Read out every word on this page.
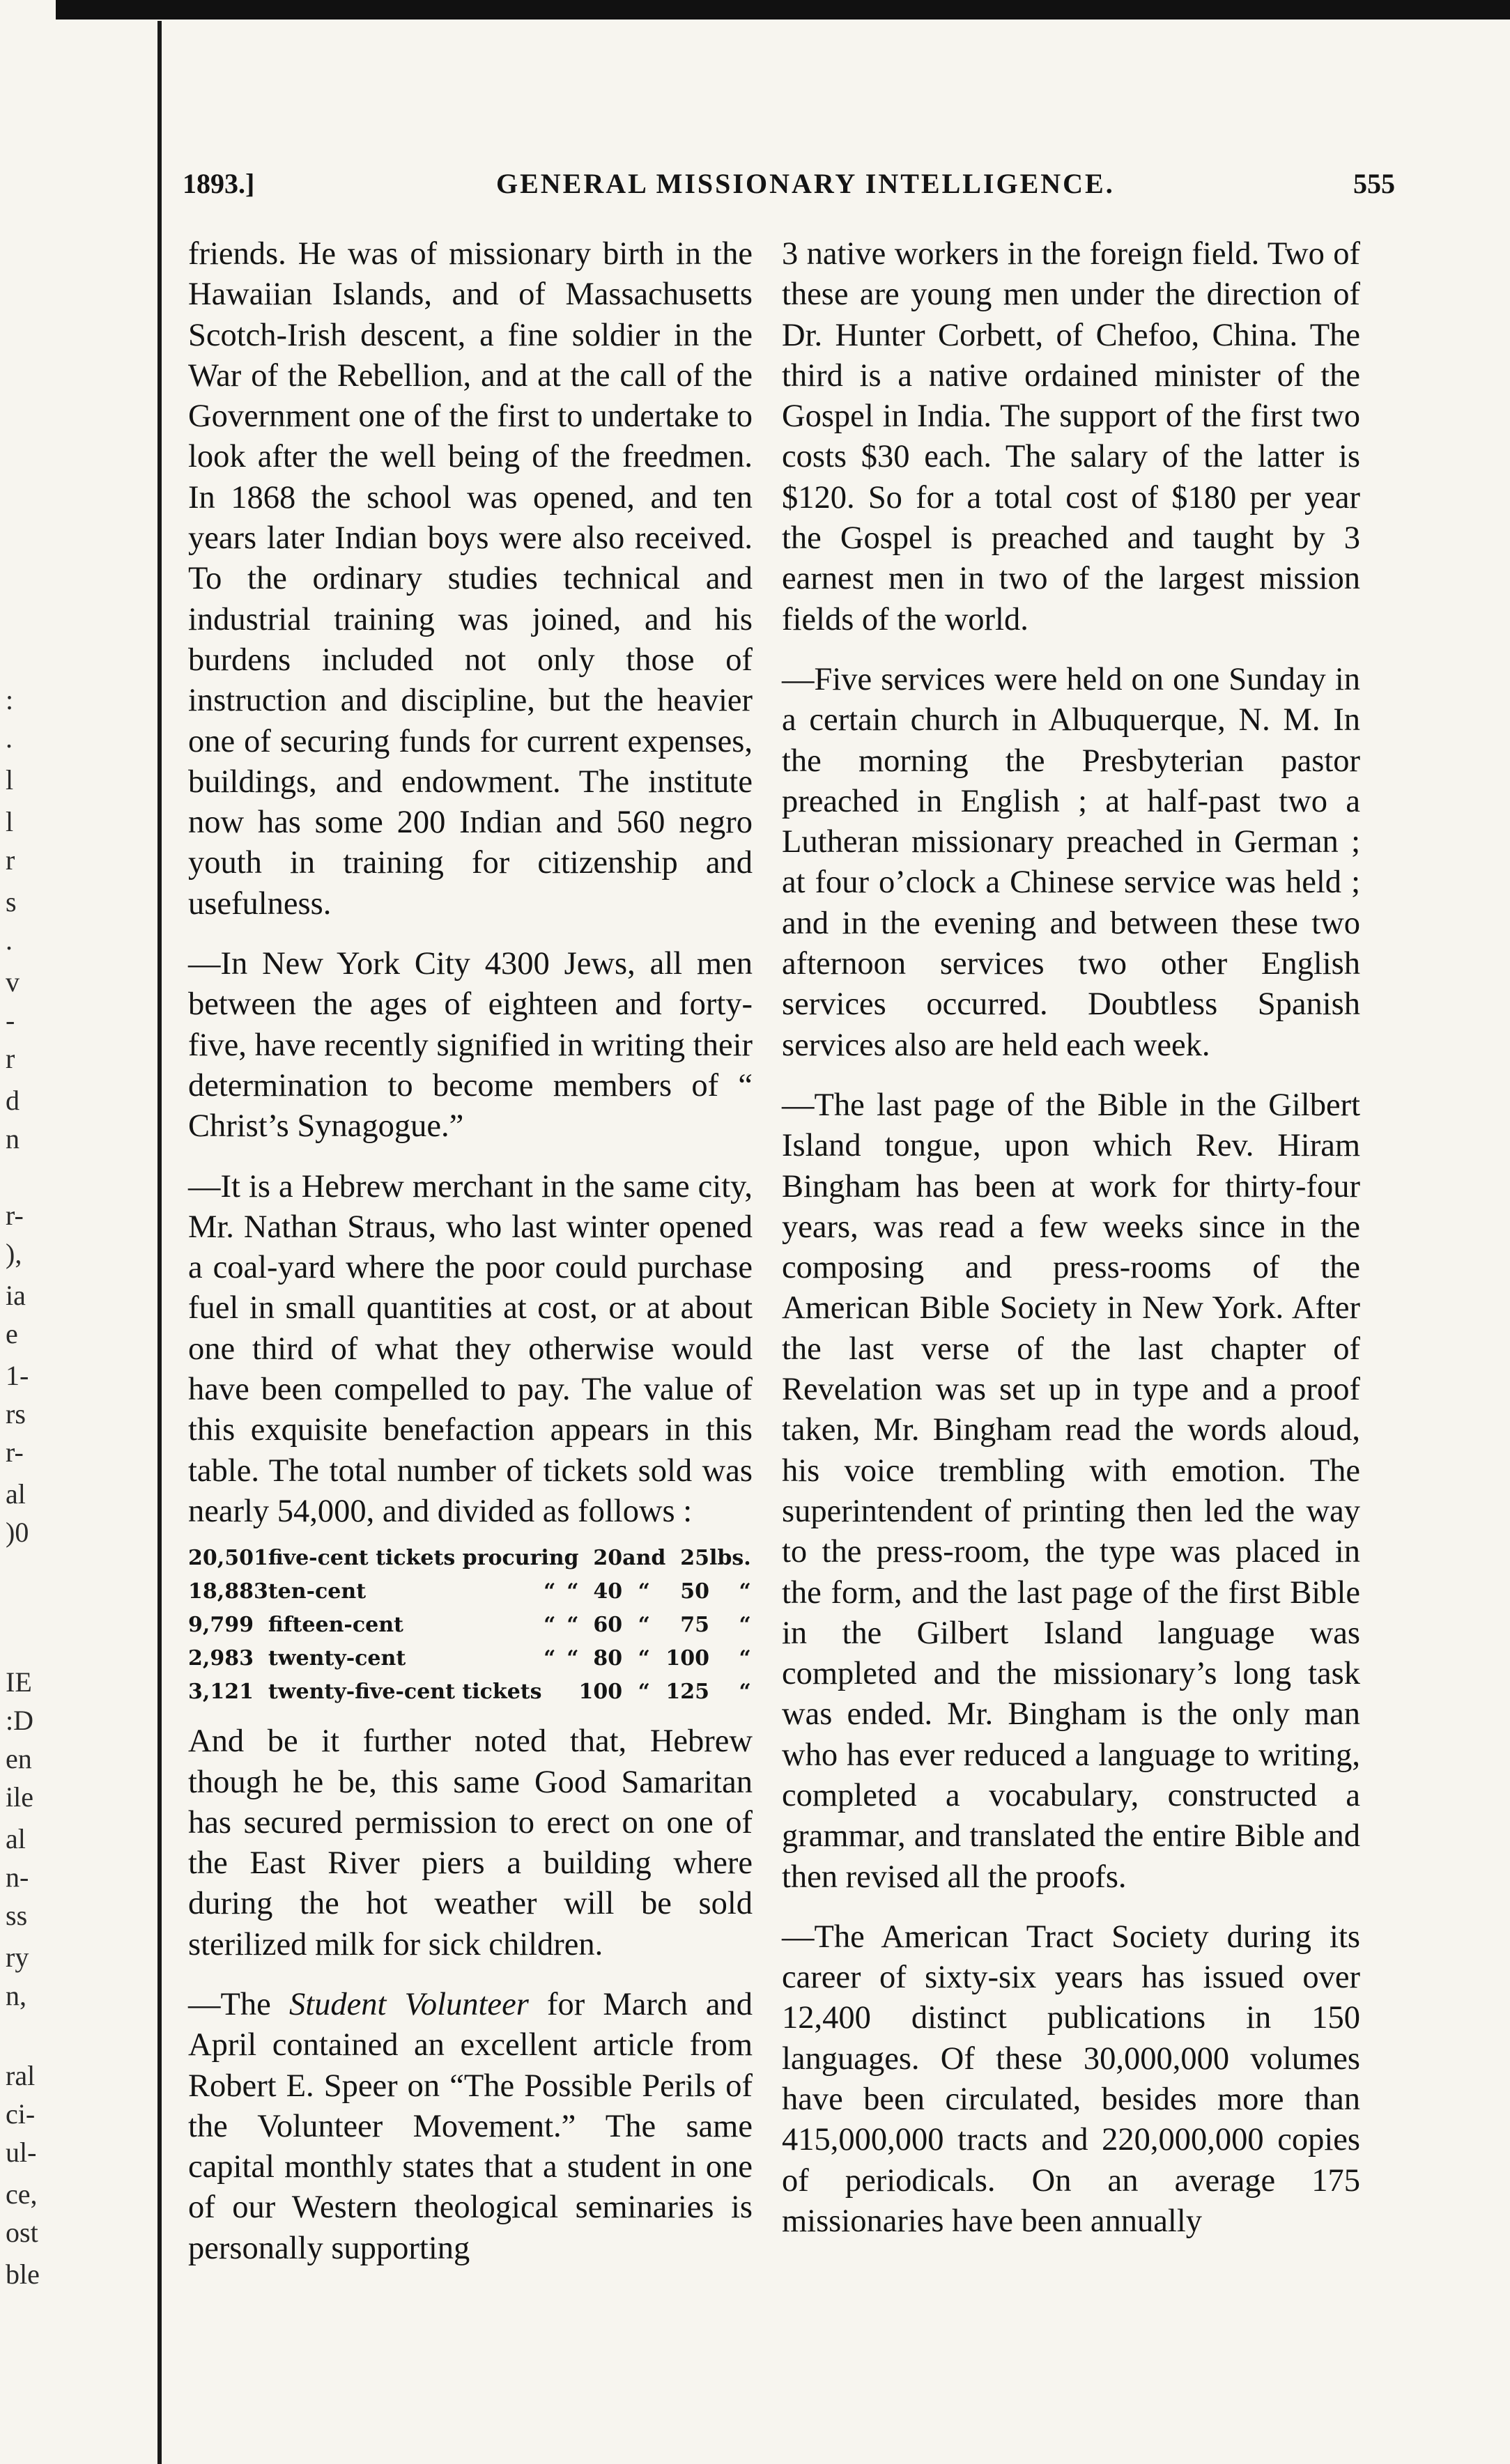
:
.
l
l
r
s
.
v
-
r
d
n
r-
),
ia
e
1-
rs
r-
al
)0
IE
:D
en
ile
al
n-
ss
ry
n,
ral
ci-
ul-
ce,
ost
ble
1893.]	GENERAL MISSIONARY INTELLIGENCE.	555

friends. He was of missionary birth in the Hawaiian Islands, and of Massachusetts Scotch-Irish descent, a fine soldier in the War of the Rebellion, and at the call of the Government one of the first to undertake to look after the well being of the freedmen. In 1868 the school was opened, and ten years later Indian boys were also received. To the ordinary studies technical and industrial training was joined, and his burdens included not only those of instruction and discipline, but the heavier one of securing funds for current expenses, buildings, and endowment. The institute now has some 200 Indian and 560 negro youth in training for citizenship and usefulness.

—In New York City 4300 Jews, all men between the ages of eighteen and forty-five, have recently signified in writing their determination to become members of “ Christ’s Synagogue.”

—It is a Hebrew merchant in the same city, Mr. Nathan Straus, who last winter opened a coal-yard where the poor could purchase fuel in small quantities at cost, or at about one third of what they otherwise would have been compelled to pay. The value of this exquisite benefaction appears in this table. The total number of tickets sold was nearly 54,000, and divided as follows :

20,501	five-cent tickets procuring			20	and	25	lbs.
18,883	ten-cent	“	“	40	“	50	“
9,799	fifteen-cent	“	“	60	“	75	“
2,983	twenty-cent	“	“	80	“	100	“
3,121	twenty-five-cent tickets			100	“	125	“

And be it further noted that, Hebrew though he be, this same Good Samaritan has secured permission to erect on one of the East River piers a building where during the hot weather will be sold sterilized milk for sick children.

—The Student Volunteer for March and April contained an excellent article from Robert E. Speer on “The Possible Perils of the Volunteer Movement.” The same capital monthly states that a student in one of our Western theological seminaries is personally supporting

3 native workers in the foreign field. Two of these are young men under the direction of Dr. Hunter Corbett, of Chefoo, China. The third is a native ordained minister of the Gospel in India. The support of the first two costs $30 each. The salary of the latter is $120. So for a total cost of $180 per year the Gospel is preached and taught by 3 earnest men in two of the largest mission fields of the world.

—Five services were held on one Sunday in a certain church in Albuquerque, N. M. In the morning the Presbyterian pastor preached in English ; at half-past two a Lutheran missionary preached in German ; at four o’clock a Chinese service was held ; and in the evening and between these two afternoon services two other English services occurred. Doubtless Spanish services also are held each week.

—The last page of the Bible in the Gilbert Island tongue, upon which Rev. Hiram Bingham has been at work for thirty-four years, was read a few weeks since in the composing and press-rooms of the American Bible Society in New York. After the last verse of the last chapter of Revelation was set up in type and a proof taken, Mr. Bingham read the words aloud, his voice trembling with emotion. The superintendent of printing then led the way to the press-room, the type was placed in the form, and the last page of the first Bible in the Gilbert Island language was completed and the missionary’s long task was ended. Mr. Bingham is the only man who has ever reduced a language to writing, completed a vocabulary, constructed a grammar, and translated the entire Bible and then revised all the proofs.

—The American Tract Society during its career of sixty-six years has issued over 12,400 distinct publications in 150 languages. Of these 30,000,000 volumes have been circulated, besides more than 415,000,000 tracts and 220,000,000 copies of periodicals. On an average 175 missionaries have been annually
